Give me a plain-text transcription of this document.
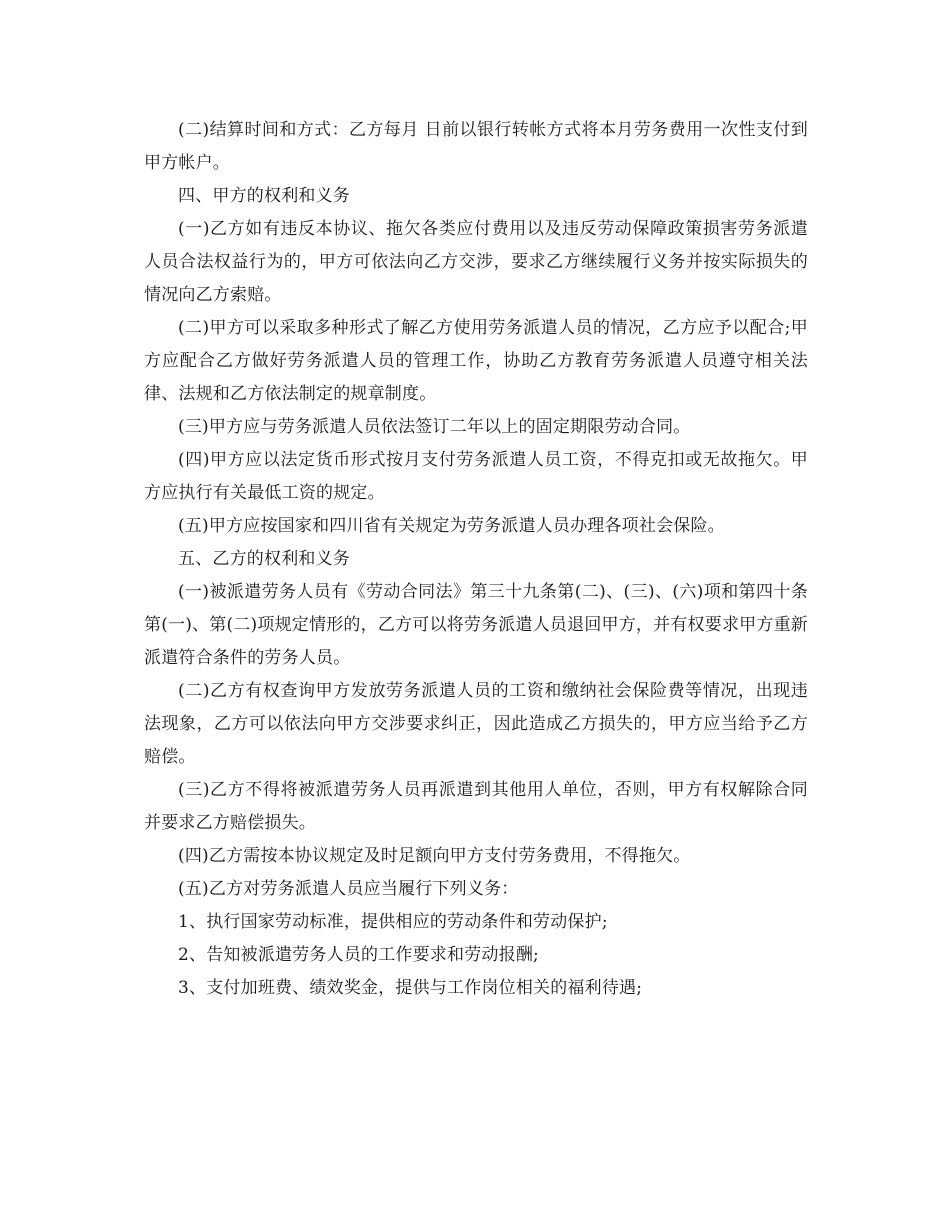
(二)结算时间和方式：乙方每月 日前以银行转帐方式将本月劳务费用一次性支付到甲方帐户。

四、甲方的权利和义务

(一)乙方如有违反本协议、拖欠各类应付费用以及违反劳动保障政策损害劳务派遣人员合法权益行为的，甲方可依法向乙方交涉，要求乙方继续履行义务并按实际损失的情况向乙方索赔。

(二)甲方可以采取多种形式了解乙方使用劳务派遣人员的情况，乙方应予以配合;甲方应配合乙方做好劳务派遣人员的管理工作，协助乙方教育劳务派遣人员遵守相关法律、法规和乙方依法制定的规章制度。

(三)甲方应与劳务派遣人员依法签订二年以上的固定期限劳动合同。

(四)甲方应以法定货币形式按月支付劳务派遣人员工资，不得克扣或无故拖欠。甲方应执行有关最低工资的规定。

(五)甲方应按国家和四川省有关规定为劳务派遣人员办理各项社会保险。

五、乙方的权利和义务

(一)被派遣劳务人员有《劳动合同法》第三十九条第(二)、(三)、(六)项和第四十条第(一)、第(二)项规定情形的，乙方可以将劳务派遣人员退回甲方，并有权要求甲方重新派遣符合条件的劳务人员。

(二)乙方有权查询甲方发放劳务派遣人员的工资和缴纳社会保险费等情况，出现违法现象，乙方可以依法向甲方交涉要求纠正，因此造成乙方损失的，甲方应当给予乙方赔偿。

(三)乙方不得将被派遣劳务人员再派遣到其他用人单位，否则，甲方有权解除合同并要求乙方赔偿损失。

(四)乙方需按本协议规定及时足额向甲方支付劳务费用，不得拖欠。

(五)乙方对劳务派遣人员应当履行下列义务：

1、执行国家劳动标准，提供相应的劳动条件和劳动保护;

2、告知被派遣劳务人员的工作要求和劳动报酬;

3、支付加班费、绩效奖金，提供与工作岗位相关的福利待遇;
